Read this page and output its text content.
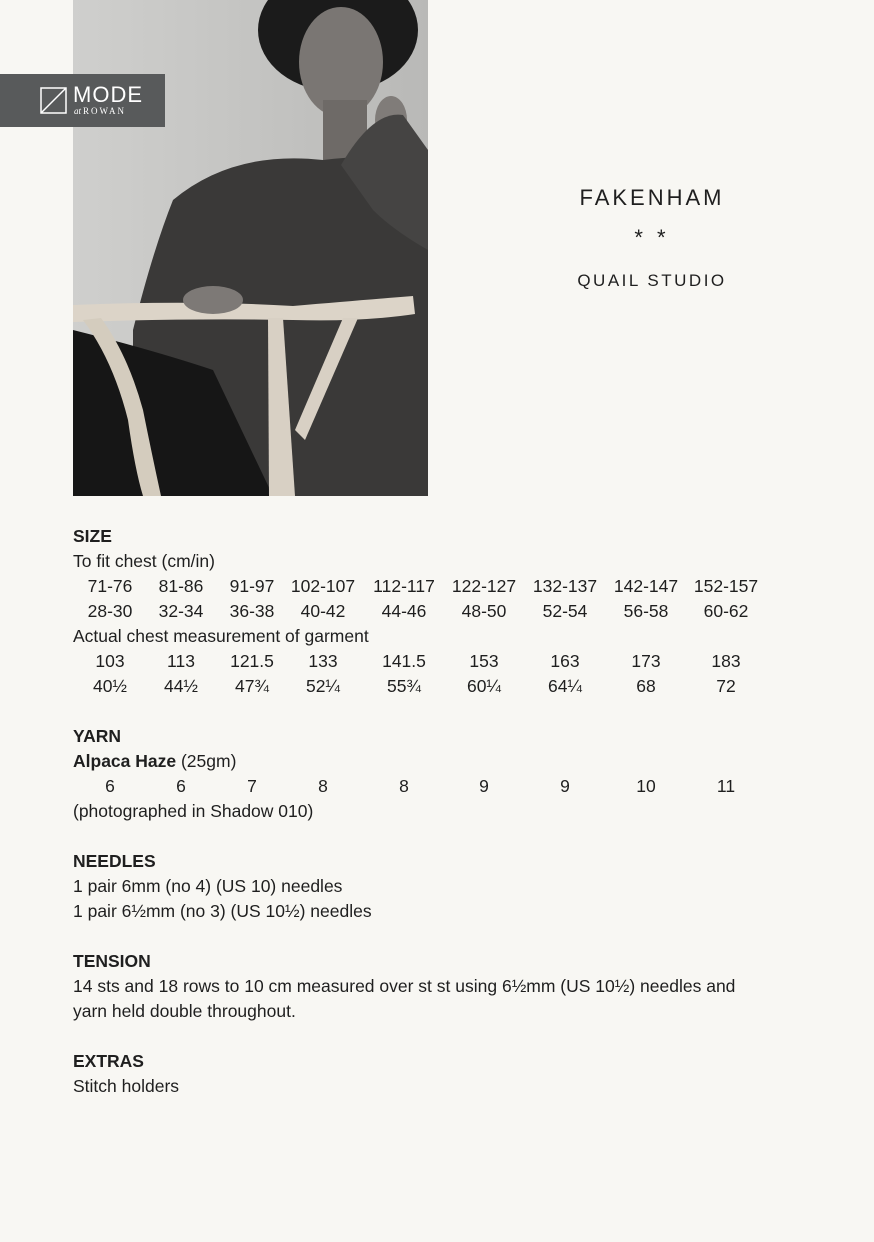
MODE
at ROWAN
FAKENHAM
* *
QUAIL STUDIO

SIZE

To fit chest (cm/in)

71-76	81-86	91-97 102-107	112-117 122-127 132-137 142-147 152-157
28-30	32-34	36-38	40-42	44-46	48-50	52-54	56-58	60-62

Actual chest measurement of garment

103	113	121.5	133	141.5	153	163	173	183
40½	44½	47¾	52¼	55¾	60¼	64¼	68	72

YARN

Alpaca Haze (25gm)

6	6	7	8	8	9	9	10	11

(photographed in Shadow 010)

NEEDLES

1 pair 6mm (no 4) (US 10) needles

1 pair 6½mm (no 3) (US 10½) needles

TENSION

14 sts and 18 rows to 10 cm measured over st st using 6½mm (US 10½) needles and yarn held double throughout.

EXTRAS

Stitch holders
